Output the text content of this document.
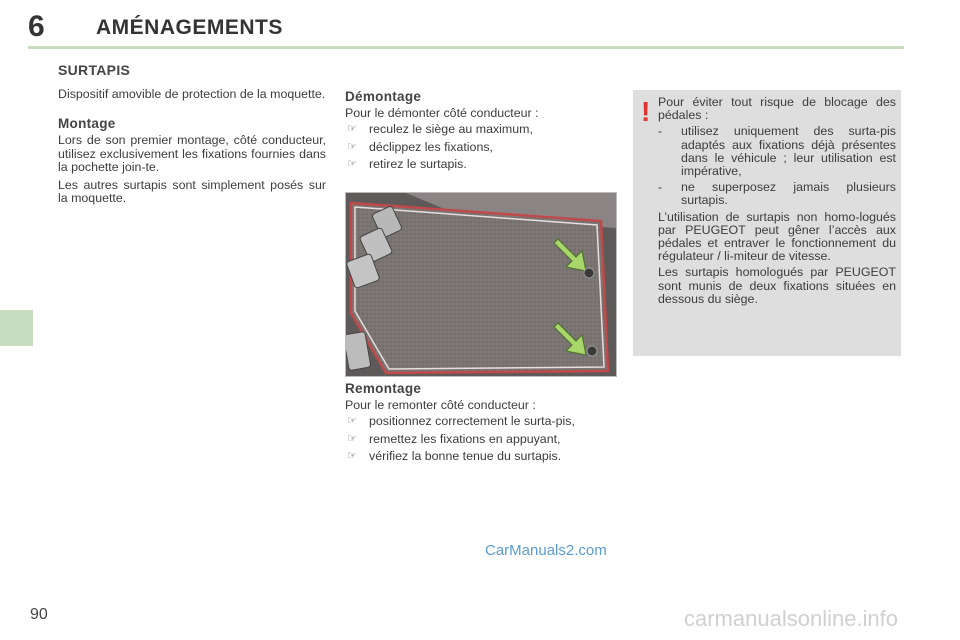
6 AMÉNAGEMENTS
SURTAPIS

Dispositif amovible de protection de la moquette.

Montage

Lors de son premier montage, côté conducteur, utilisez exclusivement les fixations fournies dans la pochette join-te.

Les autres surtapis sont simplement posés sur la moquette.

Démontage

Pour le démonter côté conducteur :

☞ reculez le siège au maximum,
☞ déclippez les fixations,
☞ retirez le surtapis.
Remontage

Pour le remonter côté conducteur :

☞ positionnez correctement le surta-pis,
☞ remettez les fixations en appuyant,
☞ vérifiez la bonne tenue du surtapis.
! Pour éviter tout risque de blocage des pédales :

- utilisez uniquement des surta-pis adaptés aux fixations déjà présentes dans le véhicule ; leur utilisation est impérative,
- ne superposez jamais plusieurs surtapis.

L’utilisation de surtapis non homo-logués par PEUGEOT peut gêner l’accès aux pédales et entraver le fonctionnement du régulateur / li-miteur de vitesse.

Les surtapis homologués par PEUGEOT sont munis de deux fixations situées en dessous du siège.

CarManuals2.com
90	carmanualsonline.info
